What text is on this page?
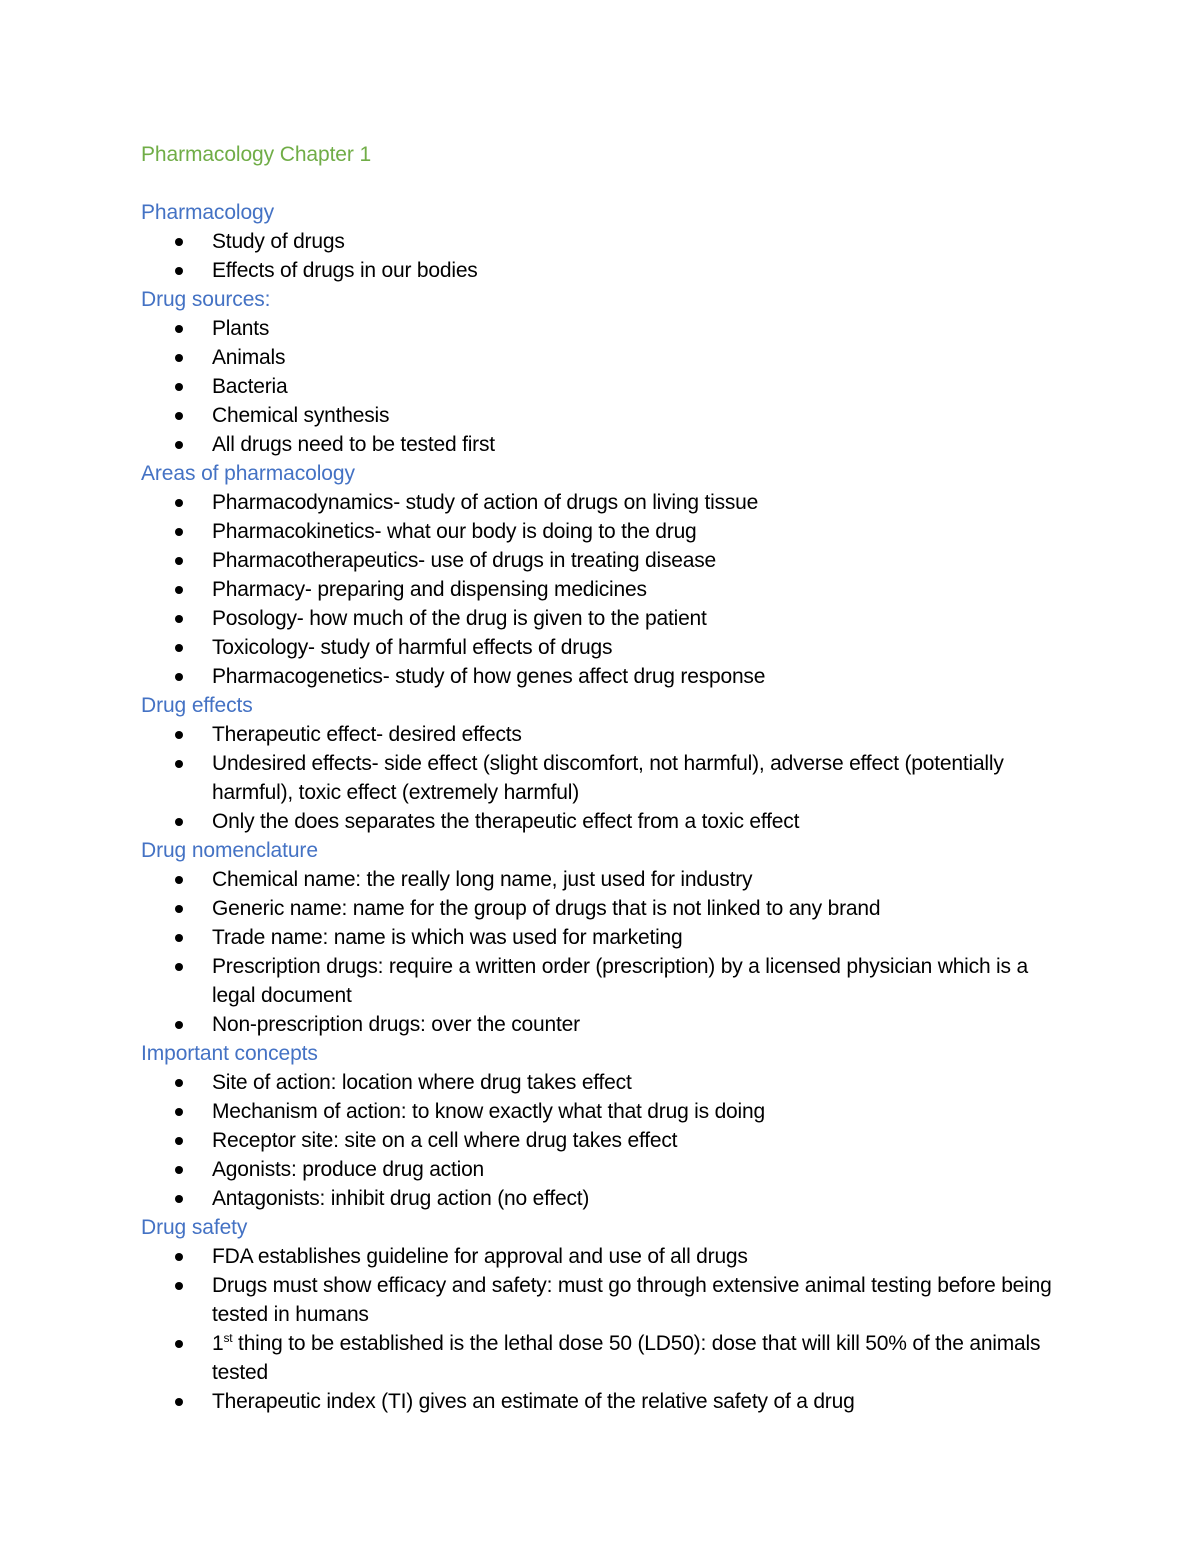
Pharmacology Chapter 1
Pharmacology
Study of drugs
Effects of drugs in our bodies
Drug sources:
Plants
Animals
Bacteria
Chemical synthesis
All drugs need to be tested first
Areas of pharmacology
Pharmacodynamics- study of action of drugs on living tissue
Pharmacokinetics- what our body is doing to the drug
Pharmacotherapeutics- use of drugs in treating disease
Pharmacy- preparing and dispensing medicines
Posology- how much of the drug is given to the patient
Toxicology- study of harmful effects of drugs
Pharmacogenetics- study of how genes affect drug response
Drug effects
Therapeutic effect- desired effects
Undesired effects- side effect (slight discomfort, not harmful), adverse effect (potentially harmful), toxic effect (extremely harmful)
Only the does separates the therapeutic effect from a toxic effect
Drug nomenclature
Chemical name: the really long name, just used for industry
Generic name: name for the group of drugs that is not linked to any brand
Trade name: name is which was used for marketing
Prescription drugs: require a written order (prescription) by a licensed physician which is a legal document
Non-prescription drugs: over the counter
Important concepts
Site of action: location where drug takes effect
Mechanism of action: to know exactly what that drug is doing
Receptor site: site on a cell where drug takes effect
Agonists: produce drug action
Antagonists: inhibit drug action (no effect)
Drug safety
FDA establishes guideline for approval and use of all drugs
Drugs must show efficacy and safety: must go through extensive animal testing before being tested in humans
1st thing to be established is the lethal dose 50 (LD50): dose that will kill 50% of the animals tested
Therapeutic index (TI) gives an estimate of the relative safety of a drug
